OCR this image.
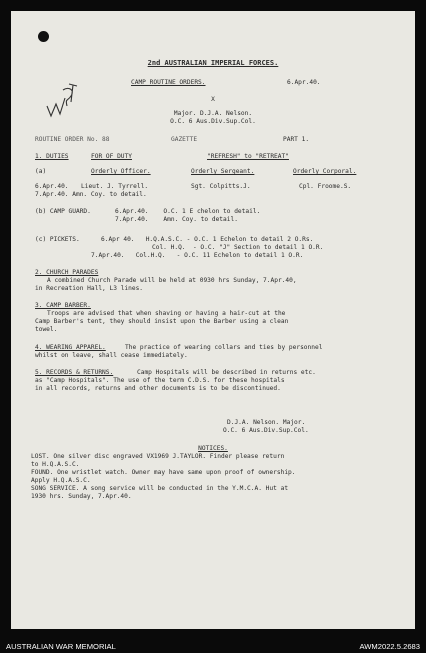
2nd AUSTRALIAN IMPERIAL FORCES.
CAMP ROUTINE ORDERS.	6.Apr.40.
X
Major. D.J.A. Nelson.
O.C. 6 Aus.Div.Sup.Col.
ROUTINE ORDER No. 88	GAZETTE	PART 1.
1. DUTIES	FOR OF DUTY	"REFRESH" to "RETREAT"
(a)	Orderly Officer.	Orderly Sergeant.	Orderly Corporal.
6.Apr.40. Lieut. J. Tyrrell.	Sgt. Colpitts.J.	Cpl. Froome.S.
7.Apr.40. Amn. Coy. to detail.
(b) CAMP GUARD.	6.Apr.40.    O.C. 1 E chelon to detail.
7.Apr.40.    Amn. Coy. to detail.
(c) PICKETS.	6.Apr 40.   H.Q.A.S.C. - O.C. 1 Echelon to detail 2 O.Rs.
Col. H.Q.  - O.C. "J" Section to detail 1 O.R.
7.Apr.40.   Col.H.Q.   - O.C. 11 Echelon to detail 1 O.R.
2. CHURCH PARADES
A combined Church Parade will be held at 0930 hrs Sunday, 7.Apr.40,
in Recreation Hall, L3 lines.
3. CAMP BARBER.
Troops are advised that when shaving or having a hair-cut at the
Camp Barber's tent, they should insist upon the Barber using a clean
towel.
4. WEARING APPAREL.	The practice of wearing collars and ties by personnel
whilst on leave, shall cease immediately.
5. RECORDS & RETURNS.	Camp Hospitals will be described in returns etc.
as "Camp Hospitals". The use of the term C.D.S. for these hospitals
in all records, returns and other documents is to be discontinued.
D.J.A. Nelson. Major.
O.C. 6 Aus.Div.Sup.Col.
NOTICES.
LOST. One silver disc engraved VX1969 J.TAYLOR. Finder please return
to H.Q.A.S.C.
FOUND. One wristlet watch. Owner may have same upon proof of ownership.
Apply H.Q.A.S.C.
SONG SERVICE. A song service will be conducted in the Y.M.C.A. Hut at
1930 hrs. Sunday, 7.Apr.40.
AUSTRALIAN WAR MEMORIAL	AWM2022.5.2683
